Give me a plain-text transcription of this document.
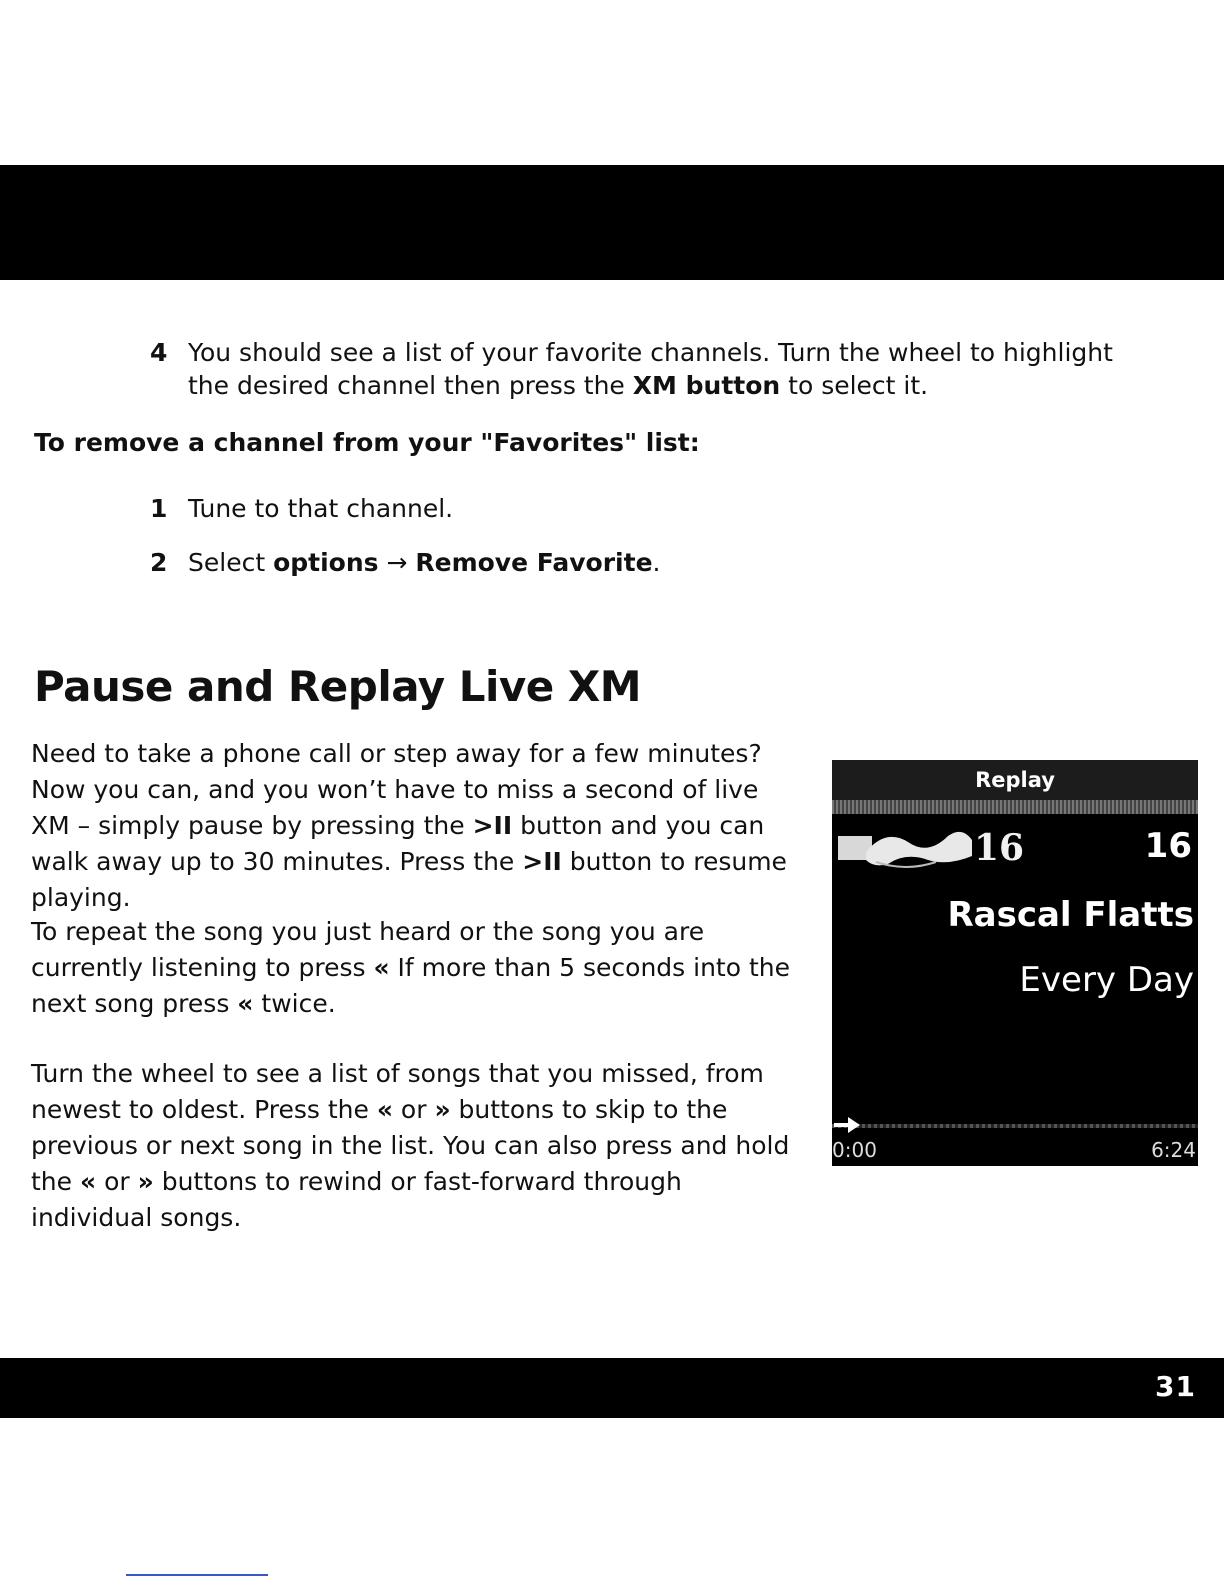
4 You should see a list of your favorite channels. Turn the wheel to highlight the desired channel then press the XM button to select it.
To remove a channel from your "Favorites" list:
1 Tune to that channel.
2 Select options → Remove Favorite.
Pause and Replay Live XM
Need to take a phone call or step away for a few minutes? Now you can, and you won’t have to miss a second of live XM – simply pause by pressing the >II button and you can walk away up to 30 minutes. Press the >II button to resume playing.
To repeat the song you just heard or the song you are currently listening to press « If more than 5 seconds into the next song press « twice.
Turn the wheel to see a list of songs that you missed, from newest to oldest. Press the « or » buttons to skip to the previous or next song in the list. You can also press and hold the « or » buttons to rewind or fast-forward through individual songs.
Replay
16	16
Rascal Flatts
Every Day
0:00	6:24
31
